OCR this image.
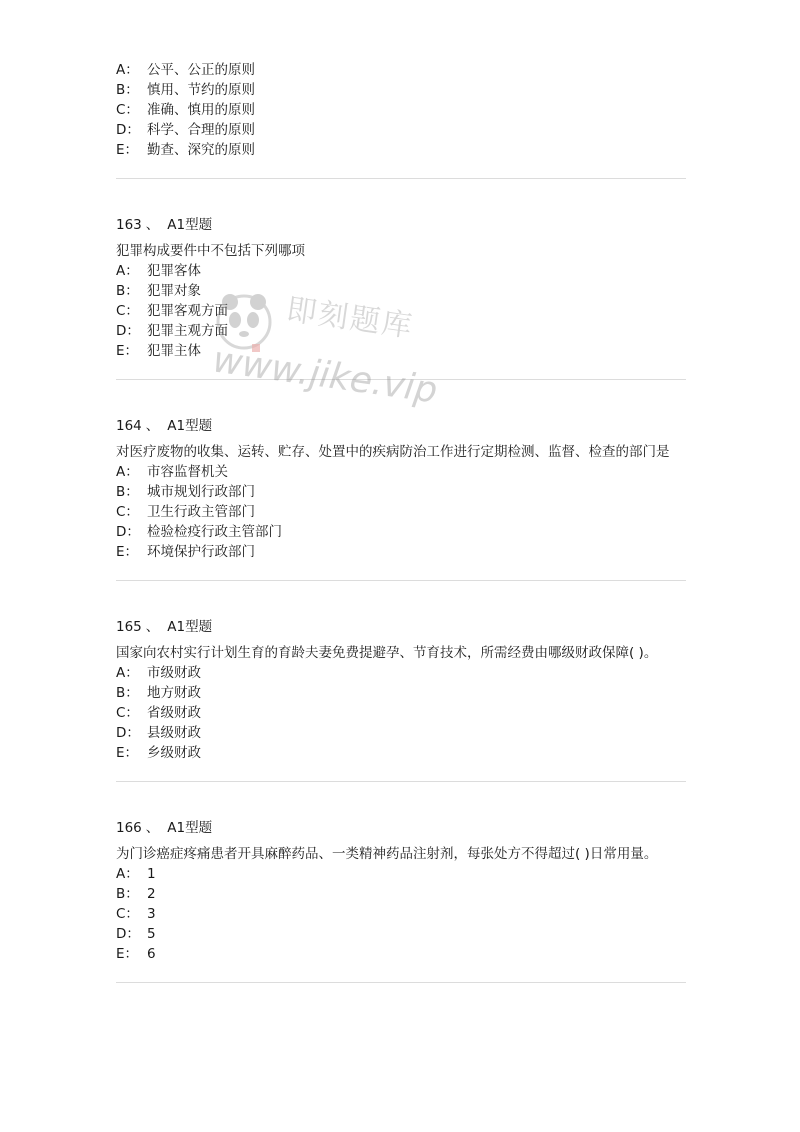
A： 公平、公正的原则
B： 慎用、节约的原则
C： 准确、慎用的原则
D： 科学、合理的原则
E： 勤查、深究的原则
163 、 A1型题
犯罪构成要件中不包括下列哪项
A： 犯罪客体
B： 犯罪对象
C： 犯罪客观方面
D： 犯罪主观方面
E： 犯罪主体
164 、 A1型题
对医疗废物的收集、运转、贮存、处置中的疾病防治工作进行定期检测、监督、检查的部门是
A： 市容监督机关
B： 城市规划行政部门
C： 卫生行政主管部门
D： 检验检疫行政主管部门
E： 环境保护行政部门
165 、 A1型题
国家向农村实行计划生育的育龄夫妻免费提避孕、节育技术，所需经费由哪级财政保障( )。
A： 市级财政
B： 地方财政
C： 省级财政
D： 县级财政
E： 乡级财政
166 、 A1型题
为门诊癌症疼痛患者开具麻醉药品、一类精神药品注射剂，每张处方不得超过( )日常用量。
A： 1
B： 2
C： 3
D： 5
E： 6
即刻题库
www.jike.vip
